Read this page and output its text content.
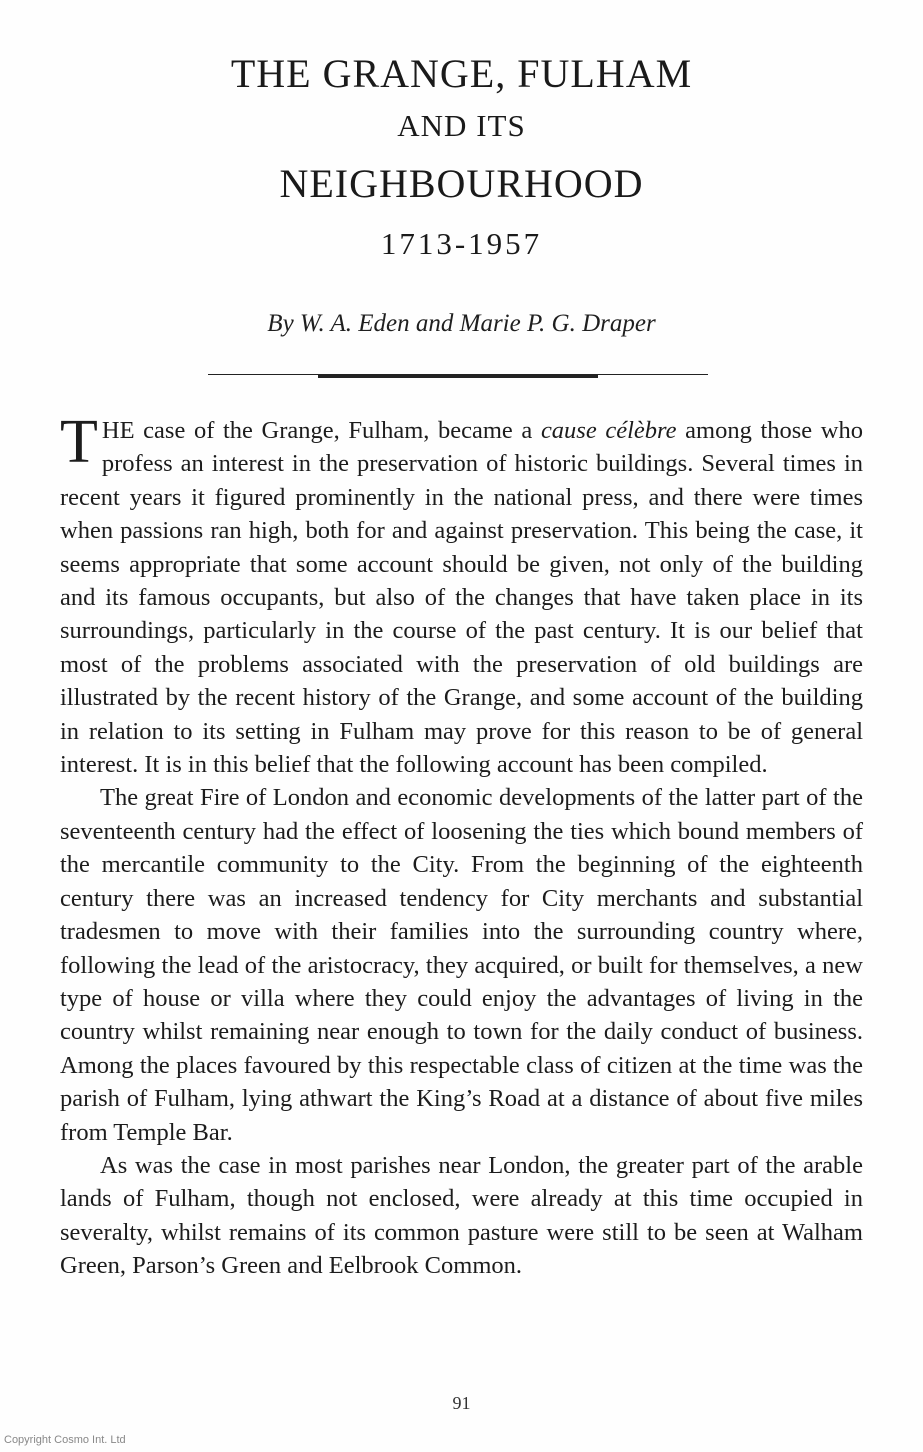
THE GRANGE, FULHAM
AND ITS
NEIGHBOURHOOD
1713-1957
By W. A. Eden and Marie P. G. Draper

THE case of the Grange, Fulham, became a cause célèbre among those who profess an interest in the preservation of historic buildings. Several times in recent years it figured prominently in the national press, and there were times when passions ran high, both for and against preservation. This being the case, it seems appropriate that some account should be given, not only of the building and its famous occupants, but also of the changes that have taken place in its surroundings, particularly in the course of the past century. It is our belief that most of the problems associated with the preservation of old buildings are illustrated by the recent history of the Grange, and some account of the building in relation to its setting in Fulham may prove for this reason to be of general interest. It is in this belief that the following account has been compiled.

The great Fire of London and economic developments of the latter part of the seventeenth century had the effect of loosening the ties which bound members of the mercantile community to the City. From the beginning of the eighteenth century there was an increased tendency for City merchants and substantial tradesmen to move with their families into the surrounding country where, following the lead of the aristocracy, they acquired, or built for themselves, a new type of house or villa where they could enjoy the advantages of living in the country whilst remaining near enough to town for the daily conduct of business. Among the places favoured by this respectable class of citizen at the time was the parish of Fulham, lying athwart the King’s Road at a distance of about five miles from Temple Bar.

As was the case in most parishes near London, the greater part of the arable lands of Fulham, though not enclosed, were already at this time occupied in severalty, whilst remains of its common pasture were still to be seen at Walham Green, Parson’s Green and Eelbrook Common.

91
Copyright Cosmo Int. Ltd
